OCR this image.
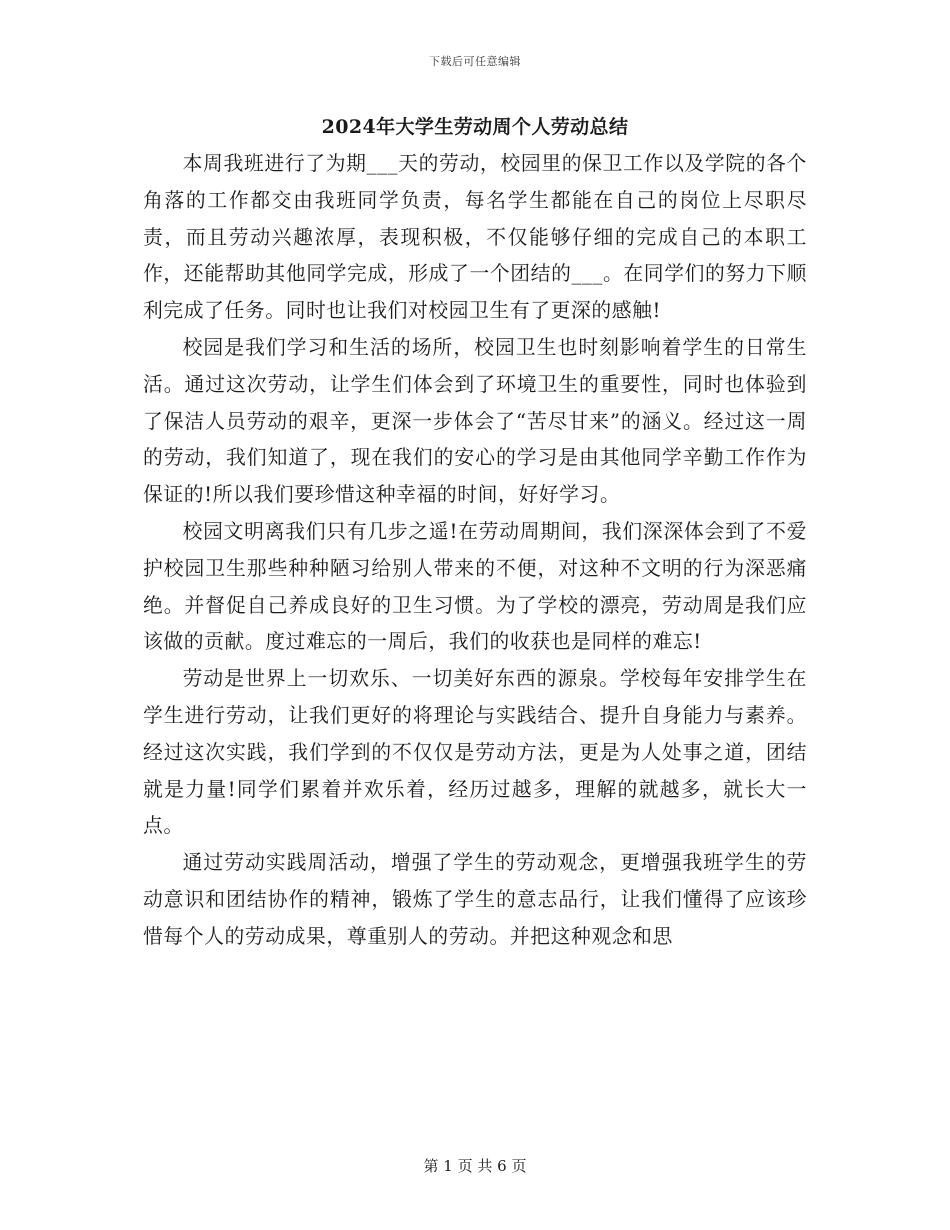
下载后可任意编辑
2024年大学生劳动周个人劳动总结

本周我班进行了为期___天的劳动，校园里的保卫工作以及学院的各个角落的工作都交由我班同学负责，每名学生都能在自己的岗位上尽职尽责，而且劳动兴趣浓厚，表现积极，不仅能够仔细的完成自己的本职工作，还能帮助其他同学完成，形成了一个团结的___。在同学们的努力下顺利完成了任务。同时也让我们对校园卫生有了更深的感触!

校园是我们学习和生活的场所，校园卫生也时刻影响着学生的日常生活。通过这次劳动，让学生们体会到了环境卫生的重要性，同时也体验到了保洁人员劳动的艰辛，更深一步体会了“苦尽甘来”的涵义。经过这一周的劳动，我们知道了，现在我们的安心的学习是由其他同学辛勤工作作为保证的!所以我们要珍惜这种幸福的时间，好好学习。

校园文明离我们只有几步之遥!在劳动周期间，我们深深体会到了不爱护校园卫生那些种种陋习给别人带来的不便，对这种不文明的行为深恶痛绝。并督促自己养成良好的卫生习惯。为了学校的漂亮，劳动周是我们应该做的贡献。度过难忘的一周后，我们的收获也是同样的难忘!

劳动是世界上一切欢乐、一切美好东西的源泉。学校每年安排学生在学生进行劳动，让我们更好的将理论与实践结合、提升自身能力与素养。经过这次实践，我们学到的不仅仅是劳动方法，更是为人处事之道，团结就是力量!同学们累着并欢乐着，经历过越多，理解的就越多，就长大一点。

通过劳动实践周活动，增强了学生的劳动观念，更增强我班学生的劳动意识和团结协作的精神，锻炼了学生的意志品行，让我们懂得了应该珍惜每个人的劳动成果，尊重别人的劳动。并把这种观念和思

第 1 页 共 6 页
